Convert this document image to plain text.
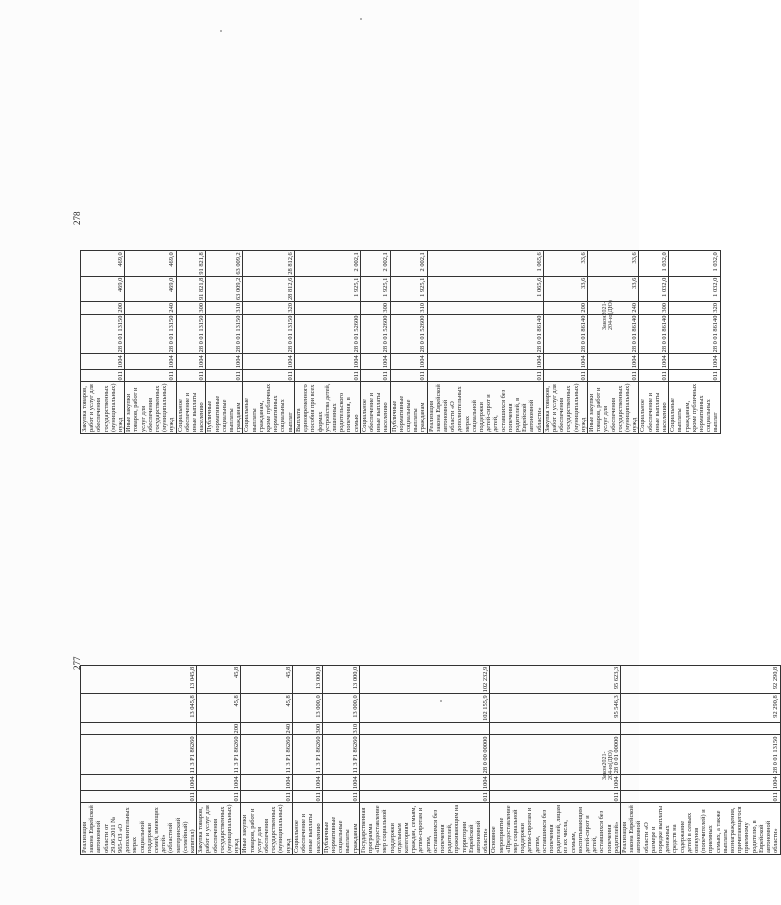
277
Закон2021-204-ю(ДЮ)
Реализация закона Еврейской автономной области от 29.06.2011 № 965-ОЗ «О дополнительных мерах социальной поддержки семей, имеющих детей» (областной материнский (семейный) капитал)	011	1004	11 3 P1 86260		13 045,8	13 045,8
Закупка товаров, работ и услуг для обеспечения государственных (муниципальных) нужд	011	1004	11 3 P1 86260	200	45,8	45,8
Иные закупки товаров, работ и услуг для обеспечения государственных (муниципальных) нужд	011	1004	11 3 P1 86260	240	45,8	45,8
Социальное обеспечение и иные выплаты населению	011	1004	11 3 P1 86260	300	13 000,0	13 000,0
Публичные нормативные социальные выплаты гражданам	011	1004	11 3 P1 86260	310	13 000,0	13 000,0
Государственная программа «Предоставление мер социальной поддержки отдельным категориям граждан, семьям, детям-сиротам и детям, оставшимся без попечения родителей, проживающим на территории Еврейской автономной области»	011	1004	28 0 00 00000		102 155,9	102 232,9
Основное мероприятие «Предоставление мер социальной поддержки детям-сиротам и детям, оставшимся без попечения родителей, лицам из их числа, семьям, воспитывающим детей-сирот и детей, оставшихся без попечения родителей»	011	1004	28 0 01 00000		95 546,3	95 623,3
Реализация закона Еврейской автономной области «О размере и порядке выплаты денежных средств на содержание детей в семьях опекунов (попечителей) и приемных семьях, а также выплаты вознаграждения, причитающегося приемному родителю, в Еврейской автономной области»	011	1004	28 0 01 13150		92 290,8	92 290,8
278
Закон2021-204-ю(ДЮ)
Закупка товаров, работ и услуг для обеспечения государственных (муниципальных) нужд	011	1004	28 0 01 13150	200	469,0	469,0
Иные закупки товаров, работ и услуг для обеспечения государственных (муниципальных) нужд	011	1004	28 0 01 13150	240	469,0	469,0
Социальное обеспечение и иные выплаты населению	011	1004	28 0 01 13150	300	91 821,8	91 821,8
Публичные нормативные социальные выплаты гражданам	011	1004	28 0 01 13150	310	63 009,2	63 009,2
Социальные выплаты гражданам, кроме публичных нормативных социальных выплат	011	1004	28 0 01 13150	320	28 812,6	28 812,6
Выплата единовременного пособия при всех формах устройства детей, лишенных родительского попечения, в семью	011	1004	28 0 01 52600		1 925,1	2 002,1
Социальное обеспечение и иные выплаты населению	011	1004	28 0 01 52600	300	1 925,1	2 002,1
Публичные нормативные социальные выплаты гражданам	011	1004	28 0 01 52600	310	1 925,1	2 002,1
Реализация закона Еврейской автономной области «О дополнительных мерах социальной поддержки детей-сирот и детей, оставшихся без попечения родителей, в Еврейской автономной области»	011	1004	28 0 01 86140		1 065,6	1 065,6
Закупка товаров, работ и услуг для обеспечения государственных (муниципальных) нужд	011	1004	28 0 01 86140	200	33,6	33,6
Иные закупки товаров, работ и услуг для обеспечения государственных (муниципальных) нужд	011	1004	28 0 01 86140	240	33,6	33,6
Социальное обеспечение и иные выплаты населению	011	1004	28 0 01 86140	300	1 032,0	1 032,0
Социальные выплаты гражданам, кроме публичных нормативных социальных выплат	011	1004	28 0 01 86140	320	1 032,0	1 032,0
